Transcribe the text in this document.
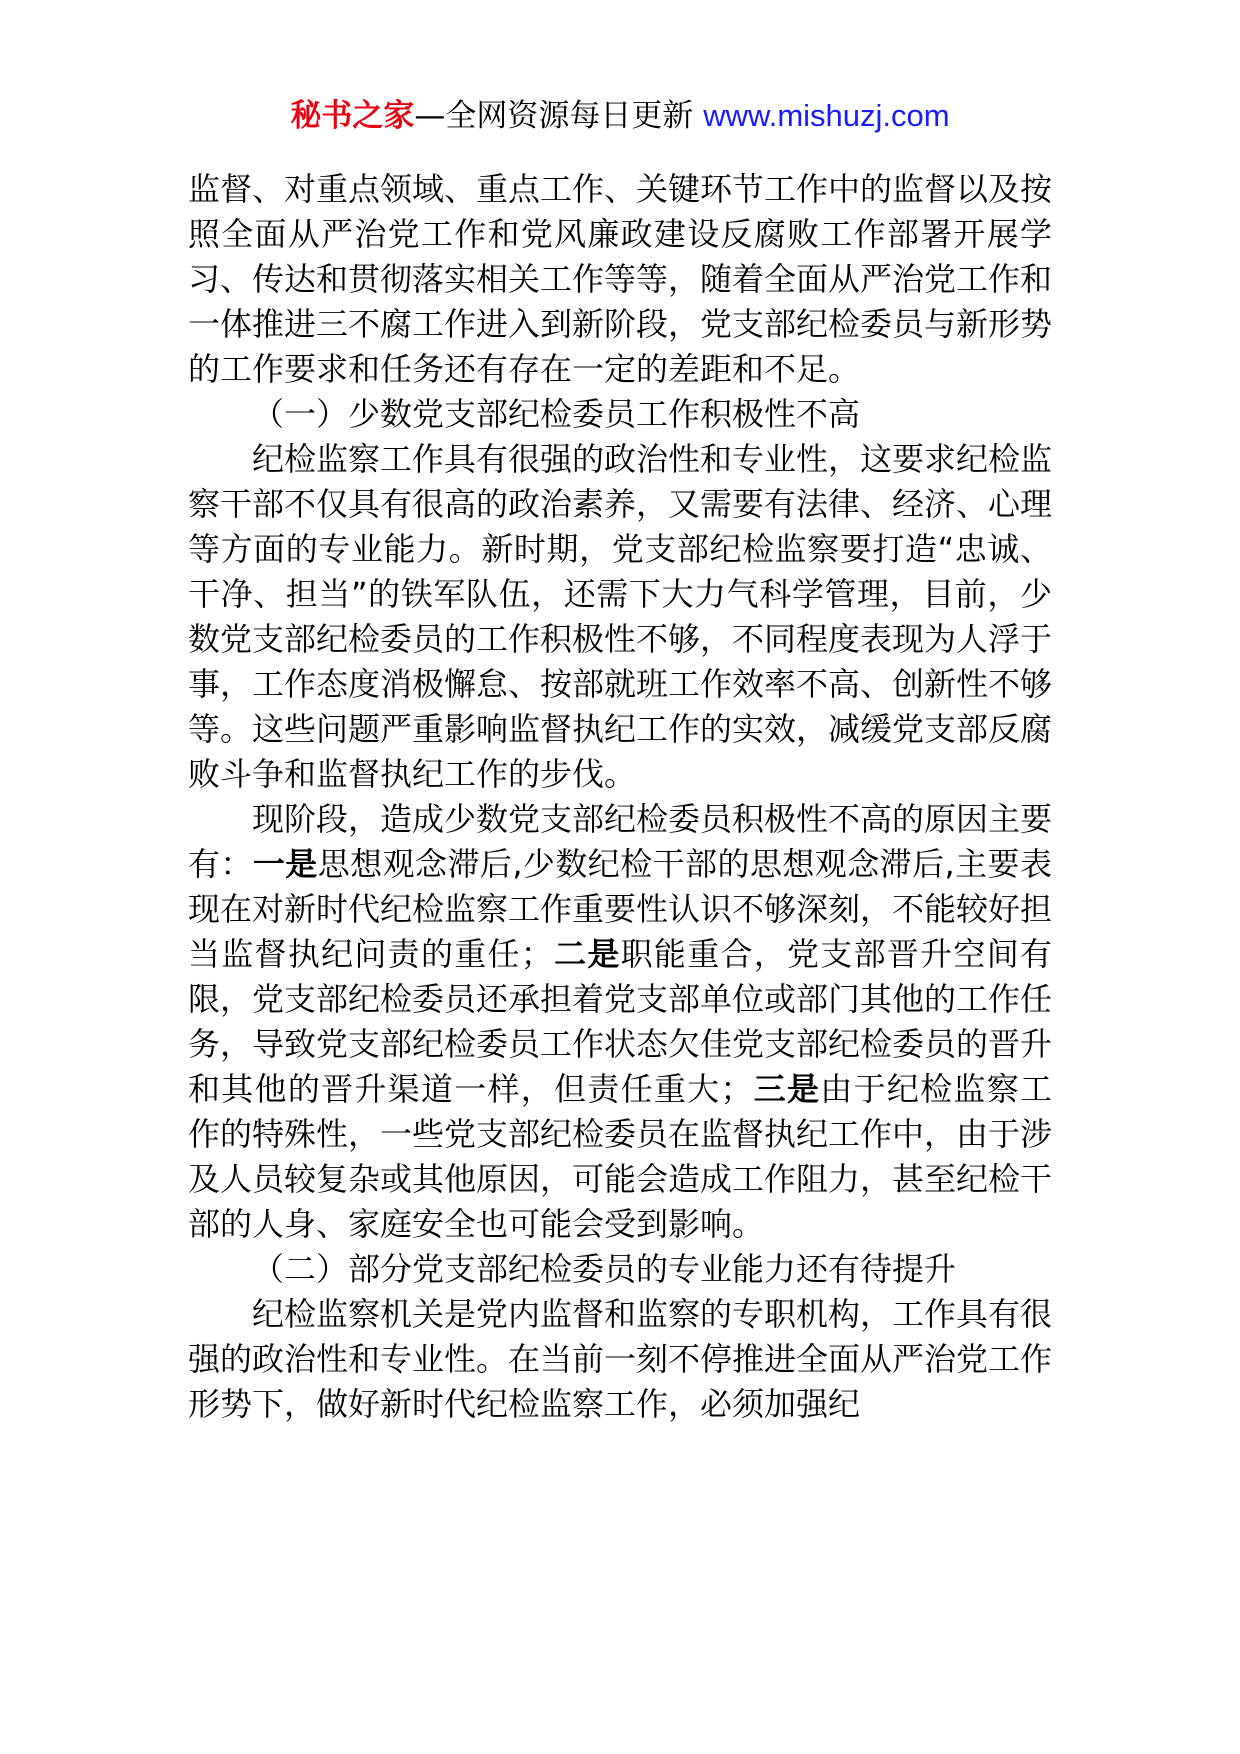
秘书之家—全网资源每日更新 www.mishuzj.com

监督、对重点领域、重点工作、关键环节工作中的监督以及按照全面从严治党工作和党风廉政建设反腐败工作部署开展学习、传达和贯彻落实相关工作等等，随着全面从严治党工作和一体推进三不腐工作进入到新阶段，党支部纪检委员与新形势的工作要求和任务还有存在一定的差距和不足。

（一）少数党支部纪检委员工作积极性不高

纪检监察工作具有很强的政治性和专业性，这要求纪检监察干部不仅具有很高的政治素养，又需要有法律、经济、心理等方面的专业能力。新时期，党支部纪检监察要打造“忠诚、干净、担当”的铁军队伍，还需下大力气科学管理，目前，少数党支部纪检委员的工作积极性不够，不同程度表现为人浮于事，工作态度消极懈怠、按部就班工作效率不高、创新性不够等。这些问题严重影响监督执纪工作的实效，减缓党支部反腐败斗争和监督执纪工作的步伐。

现阶段，造成少数党支部纪检委员积极性不高的原因主要有：一是思想观念滞后,少数纪检干部的思想观念滞后,主要表现在对新时代纪检监察工作重要性认识不够深刻，不能较好担当监督执纪问责的重任；二是职能重合，党支部晋升空间有限，党支部纪检委员还承担着党支部单位或部门其他的工作任务，导致党支部纪检委员工作状态欠佳党支部纪检委员的晋升和其他的晋升渠道一样，但责任重大；三是由于纪检监察工作的特殊性，一些党支部纪检委员在监督执纪工作中，由于涉及人员较复杂或其他原因，可能会造成工作阻力，甚至纪检干部的人身、家庭安全也可能会受到影响。

（二）部分党支部纪检委员的专业能力还有待提升

纪检监察机关是党内监督和监察的专职机构，工作具有很强的政治性和专业性。在当前一刻不停推进全面从严治党工作形势下，做好新时代纪检监察工作，必须加强纪
